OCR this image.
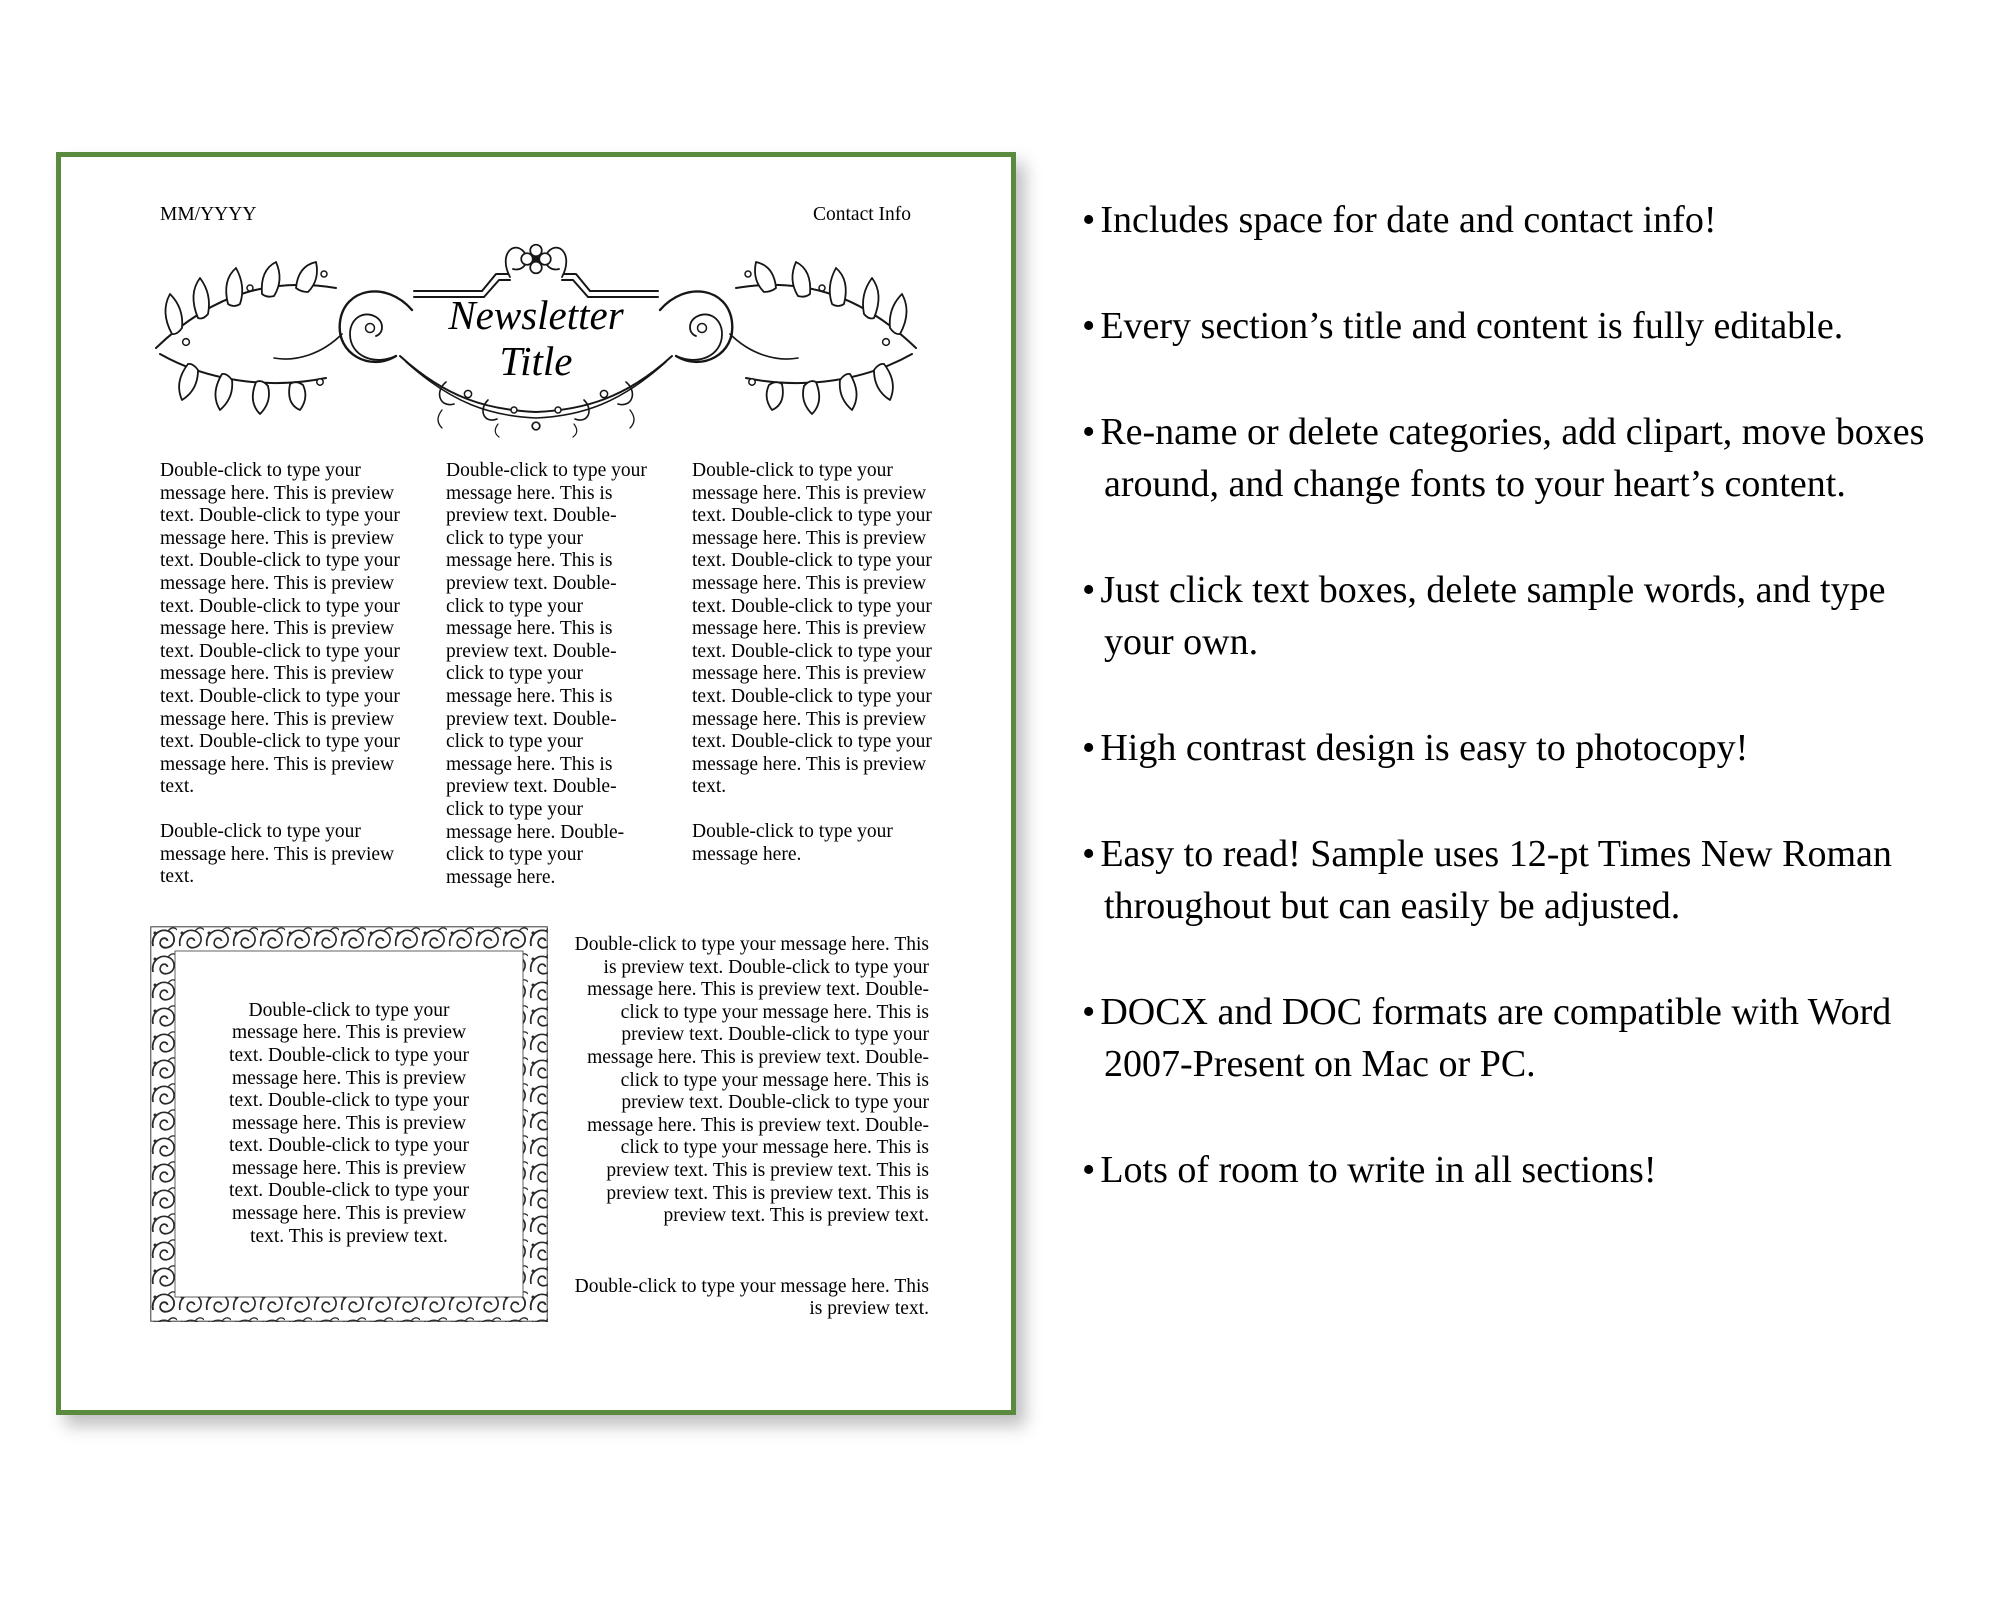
MM/YYYY	Contact Info
Newsletter
Title

Double-click to type your message here. This is preview text. Double-click to type your message here. This is preview text. Double-click to type your message here. This is preview text. Double-click to type your message here. This is preview text. Double-click to type your message here. This is preview text. Double-click to type your message here. This is preview text. Double-click to type your message here. This is preview text.

Double-click to type your message here. This is preview text.

Double-click to type your message here. This is preview text. Double-click to type your message here. This is preview text. Double-click to type your message here. This is preview text. Double-click to type your message here. This is preview text. Double-click to type your message here. This is preview text. Double-click to type your message here. Double-click to type your message here.

Double-click to type your message here. This is preview text. Double-click to type your message here. This is preview text. Double-click to type your message here. This is preview text. Double-click to type your message here. This is preview text. Double-click to type your message here. This is preview text. Double-click to type your message here. This is preview text. Double-click to type your message here. This is preview text.

Double-click to type your message here.

Double-click to type your message here. This is preview text. Double-click to type your message here. This is preview text. Double-click to type your message here. This is preview text. Double-click to type your message here. This is preview text. Double-click to type your message here. This is preview text. This is preview text.

Double-click to type your message here. This is preview text. Double-click to type your message here. This is preview text. Double-click to type your message here. This is preview text. Double-click to type your message here. This is preview text. Double-click to type your message here. This is preview text. Double-click to type your message here. This is preview text. Double-click to type your message here. This is preview text. This is preview text. This is preview text. This is preview text. This is preview text. This is preview text.

Double-click to type your message here. This is preview text.

• Includes space for date and contact info!
• Every section’s title and content is fully editable.
• Re-name or delete categories, add clipart, move boxes around, and change fonts to your heart’s content.
• Just click text boxes, delete sample words, and type your own.
• High contrast design is easy to photocopy!
• Easy to read! Sample uses 12-pt Times New Roman throughout but can easily be adjusted.
• DOCX and DOC formats are compatible with Word 2007-Present on Mac or PC.
• Lots of room to write in all sections!
